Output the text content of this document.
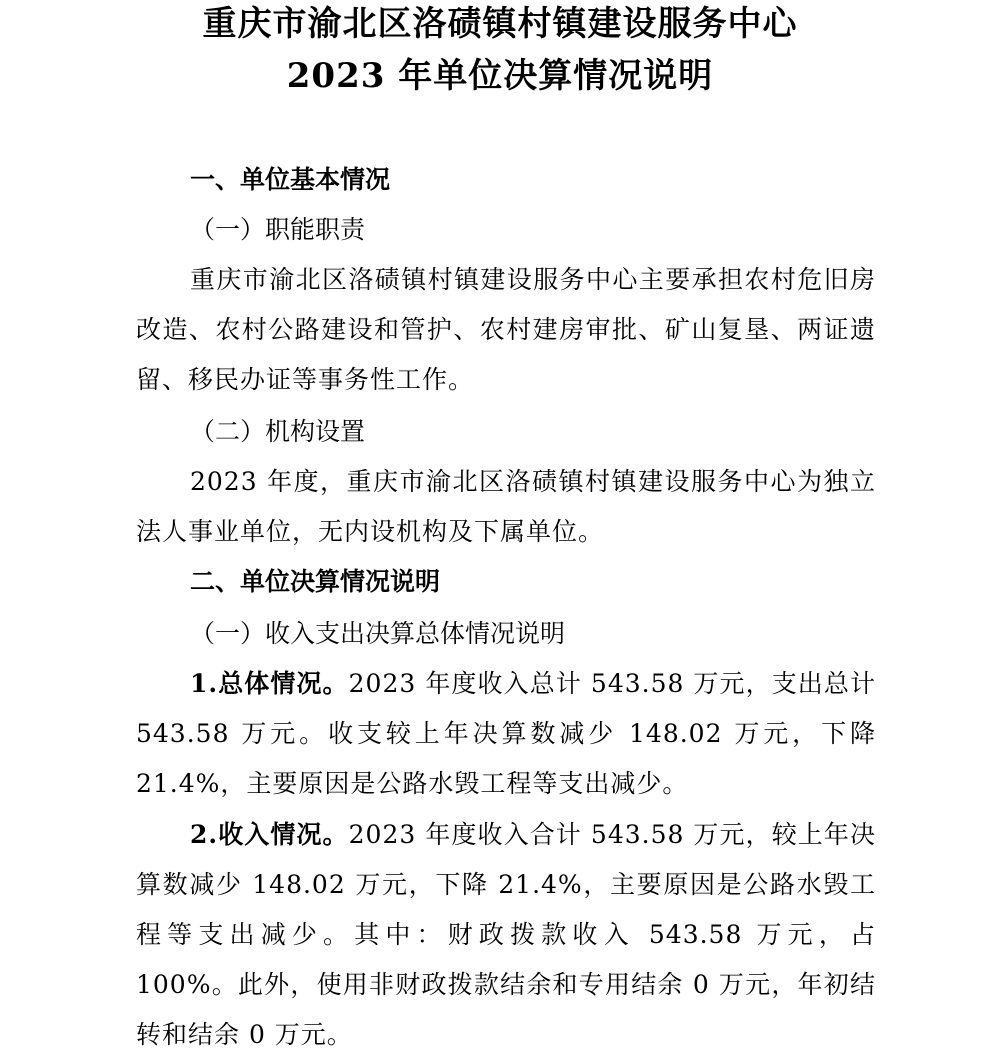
重庆市渝北区洛碛镇村镇建设服务中心
2023 年单位决算情况说明
一、单位基本情况
（一）职能职责
重庆市渝北区洛碛镇村镇建设服务中心主要承担农村危旧房改造、农村公路建设和管护、农村建房审批、矿山复垦、两证遗留、移民办证等事务性工作。
（二）机构设置
2023 年度，重庆市渝北区洛碛镇村镇建设服务中心为独立法人事业单位，无内设机构及下属单位。
二、单位决算情况说明
（一）收入支出决算总体情况说明
1.总体情况。2023 年度收入总计 543.58 万元，支出总计 543.58 万元。收支较上年决算数减少 148.02 万元，下降 21.4%，主要原因是公路水毁工程等支出减少。
2.收入情况。2023 年度收入合计 543.58 万元，较上年决算数减少 148.02 万元，下降 21.4%，主要原因是公路水毁工程等支出减少。其中：财政拨款收入 543.58 万元，占 100%。此外，使用非财政拨款结余和专用结余 0 万元，年初结转和结余 0 万元。
